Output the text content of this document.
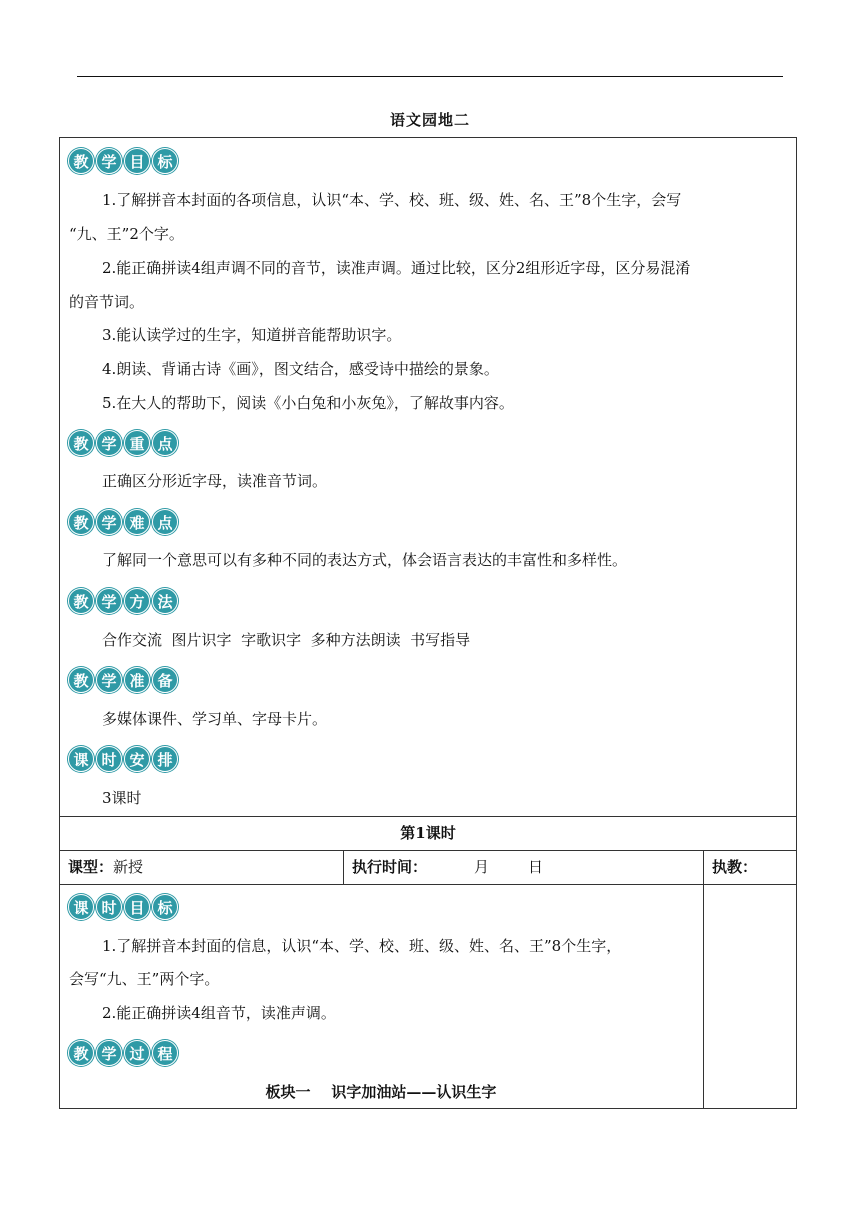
语文园地二
教 学 目 标
1.了解拼音本封面的各项信息，认识“本、学、校、班、级、姓、名、王”8个生字，会写
“九、王”2个字。
2.能正确拼读4组声调不同的音节，读准声调。通过比较，区分2组形近字母，区分易混淆
的音节词。
3.能认读学过的生字，知道拼音能帮助识字。
4.朗读、背诵古诗《画》，图文结合，感受诗中描绘的景象。
5.在大人的帮助下，阅读《小白兔和小灰兔》，了解故事内容。
教 学 重 点
正确区分形近字母，读准音节词。
教 学 难 点
了解同一个意思可以有多种不同的表达方式，体会语言表达的丰富性和多样性。
教 学 方 法
合作交流  图片识字  字歌识字  多种方法朗读  书写指导
教 学 准 备
多媒体课件、学习单、字母卡片。
课 时 安 排
3课时
第1课时
课型：新授	执行时间：	月	日	执教：
课 时 目 标
1.了解拼音本封面的信息，认识“本、学、校、班、级、姓、名、王”8个生字，
会写“九、王”两个字。
2.能正确拼读4组音节，读准声调。
教 学 过 程
板块一    识字加油站——认识生字
